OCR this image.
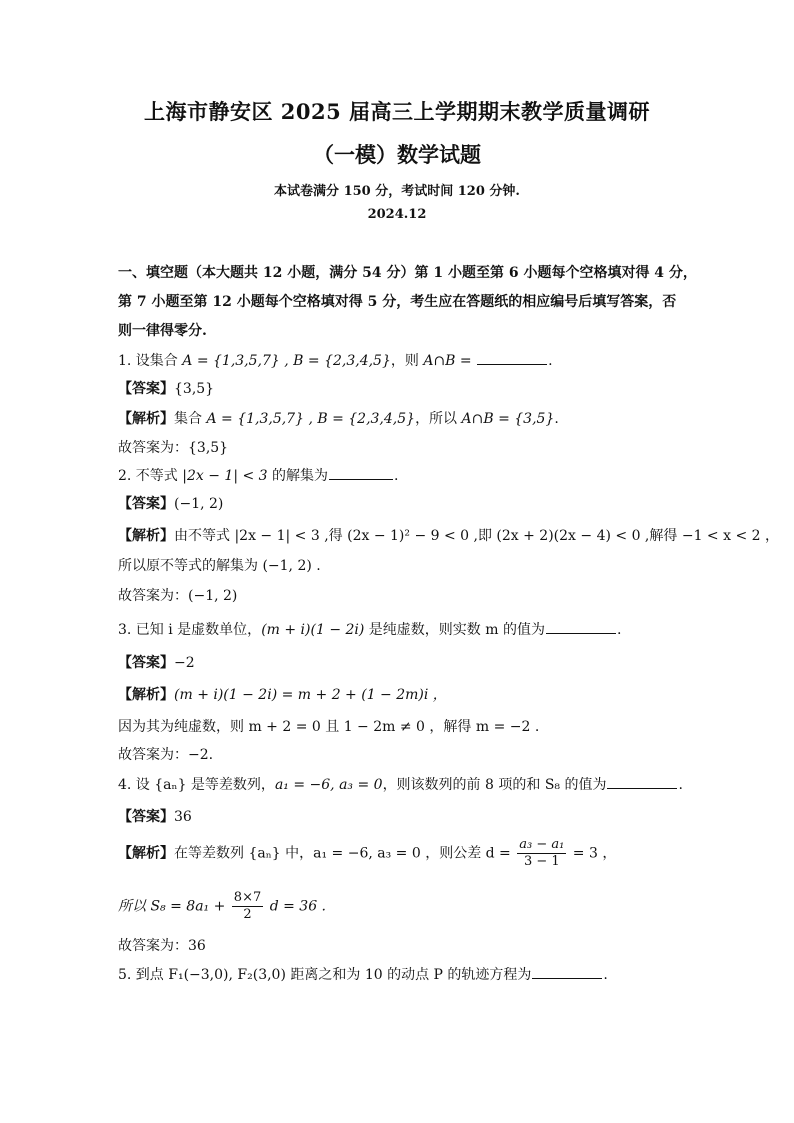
上海市静安区 2025 届高三上学期期末教学质量调研
（一模）数学试题
本试卷满分 150 分，考试时间 120 分钟.
2024.12
一、填空题（本大题共 12 小题，满分 54 分）第 1 小题至第 6 小题每个空格填对得 4 分，
第 7 小题至第 12 小题每个空格填对得 5 分，考生应在答题纸的相应编号后填写答案，否
则一律得零分.
1. 设集合 A = {1,3,5,7} , B = {2,3,4,5}，则 A∩B =	.
【答案】{3,5}
【解析】集合 A = {1,3,5,7} , B = {2,3,4,5}，所以 A∩B = {3,5}.
故答案为：{3,5}
2. 不等式 |2x − 1| < 3 的解集为	.
【答案】(−1, 2)
【解析】由不等式 |2x − 1| < 3 ,得 (2x − 1)² − 9 < 0 ,即 (2x + 2)(2x − 4) < 0 ,解得 −1 < x < 2 ，
所以原不等式的解集为 (−1, 2) .
故答案为：(−1, 2)
3. 已知 i 是虚数单位，(m + i)(1 − 2i) 是纯虚数，则实数 m 的值为	.
【答案】−2
【解析】(m + i)(1 − 2i) = m + 2 + (1 − 2m)i ，
因为其为纯虚数，则 m + 2 = 0 且 1 − 2m ≠ 0 ，解得 m = −2 .
故答案为：−2.
4. 设 {aₙ} 是等差数列，a₁ = −6, a₃ = 0，则该数列的前 8 项的和 S₈ 的值为	.
【答案】36
【解析】在等差数列 {aₙ} 中，a₁ = −6, a₃ = 0 ，则公差 $d = \frac{\text{a₃ − a₁}}{3 - 1} = 3$ ，
所以 $S_8 = 8a_1 + \frac{8\times 7}{2}$ d = 36 .
故答案为：36
5. 到点 F₁(−3,0), F₂(3,0) 距离之和为 10 的动点 P 的轨迹方程为	.
